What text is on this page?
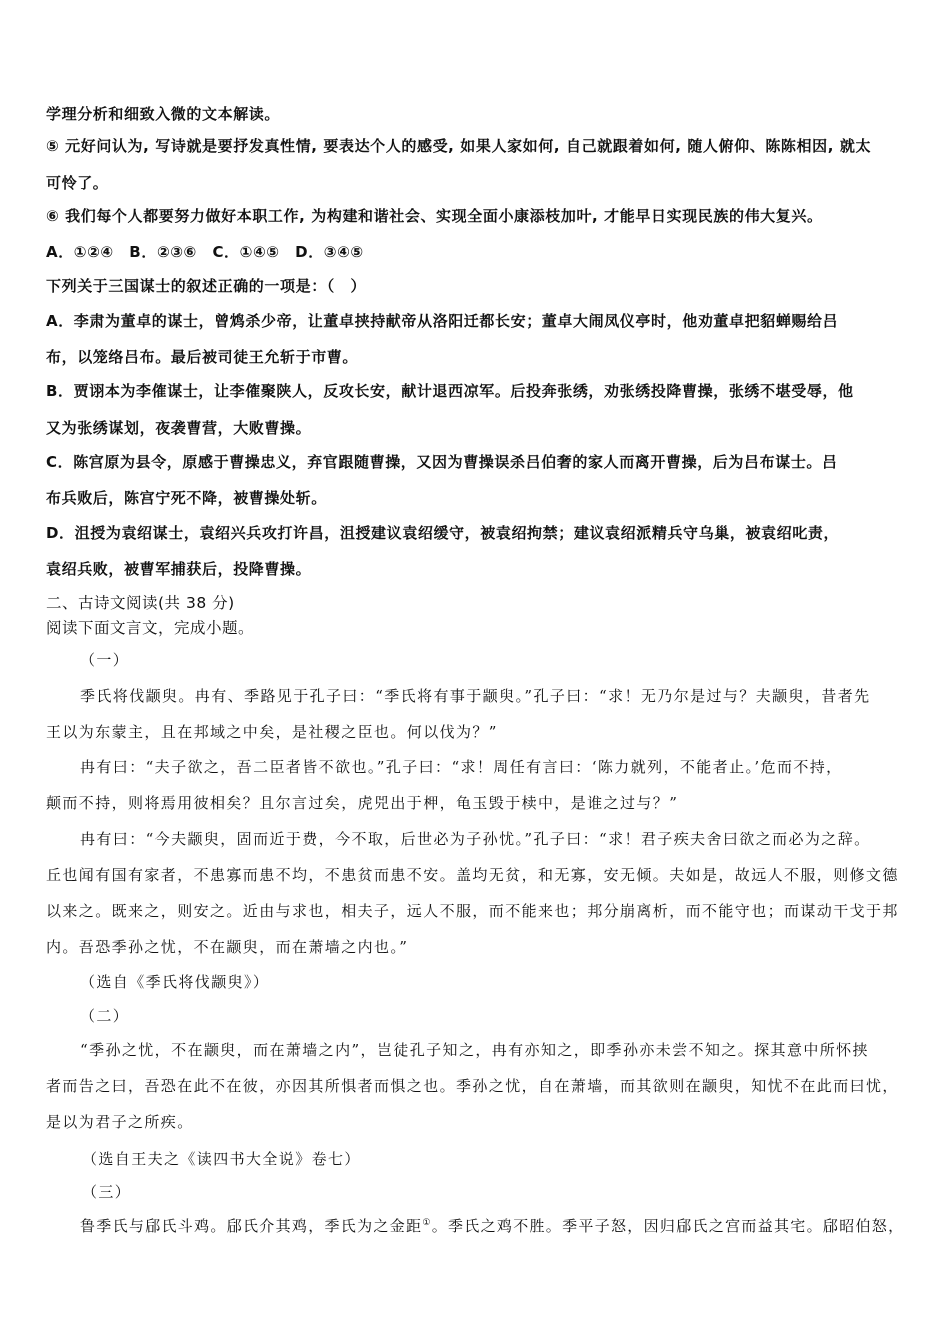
学理分析和细致入微的文本解读。
⑤ 元好问认为, 写诗就是要抒发真性情, 要表达个人的感受, 如果人家如何, 自己就跟着如何, 随人俯仰、陈陈相因, 就太
可怜了。
⑥ 我们每个人都要努力做好本职工作, 为构建和谐社会、实现全面小康添枝加叶, 才能早日实现民族的伟大复兴。
A．①②④　B．②③⑥　C．①④⑤　D．③④⑤
下列关于三国谋士的叙述正确的一项是：（　）
A．李肃为董卓的谋士，曾鸩杀少帝，让董卓挟持献帝从洛阳迁都长安；董卓大闹凤仪亭时，他劝董卓把貂蝉赐给吕
布，以笼络吕布。最后被司徒王允斩于市曹。
B．贾诩本为李傕谋士，让李傕聚陕人，反攻长安，献计退西凉军。后投奔张绣，劝张绣投降曹操，张绣不堪受辱，他
又为张绣谋划，夜袭曹营，大败曹操。
C．陈宫原为县令，原感于曹操忠义，弃官跟随曹操，又因为曹操误杀吕伯奢的家人而离开曹操，后为吕布谋士。吕
布兵败后，陈宫宁死不降，被曹操处斩。
D．沮授为袁绍谋士，袁绍兴兵攻打许昌，沮授建议袁绍缓守，被袁绍拘禁；建议袁绍派精兵守乌巢，被袁绍叱责，
袁绍兵败，被曹军捕获后，投降曹操。
二、古诗文阅读(共 38 分)
阅读下面文言文，完成小题。
（一）
季氏将伐颛臾。冉有、季路见于孔子曰：“季氏将有事于颛臾。”孔子曰：“求！无乃尔是过与？夫颛臾，昔者先
王以为东蒙主，且在邦域之中矣，是社稷之臣也。何以伐为？”
冉有曰：“夫子欲之，吾二臣者皆不欲也。”孔子曰：“求！周任有言曰：‘陈力就列，不能者止。’危而不持，
颠而不持，则将焉用彼相矣？且尔言过矣，虎兕出于柙，龟玉毁于椟中，是谁之过与？”
冉有曰：“今夫颛臾，固而近于费，今不取，后世必为子孙忧。”孔子曰：“求！君子疾夫舍曰欲之而必为之辞。
丘也闻有国有家者，不患寡而患不均，不患贫而患不安。盖均无贫，和无寡，安无倾。夫如是，故远人不服，则修文德
以来之。既来之，则安之。近由与求也，相夫子，远人不服，而不能来也；邦分崩离析，而不能守也；而谋动干戈于邦
内。吾恐季孙之忧，不在颛臾，而在萧墙之内也。”
（选自《季氏将伐颛臾》）
（二）
“季孙之忧，不在颛臾，而在萧墙之内”，岂徒孔子知之，冉有亦知之，即季孙亦未尝不知之。探其意中所怀挟
者而告之曰，吾恐在此不在彼，亦因其所惧者而惧之也。季孙之忧，自在萧墙，而其欲则在颛臾，知忧不在此而曰忧，
是以为君子之所疾。
（选自王夫之《读四书大全说》卷七）
（三）
鲁季氏与郈氏斗鸡。郈氏介其鸡，季氏为之金距①。季氏之鸡不胜。季平子怒，因归郈氏之宫而益其宅。郈昭伯怒，
